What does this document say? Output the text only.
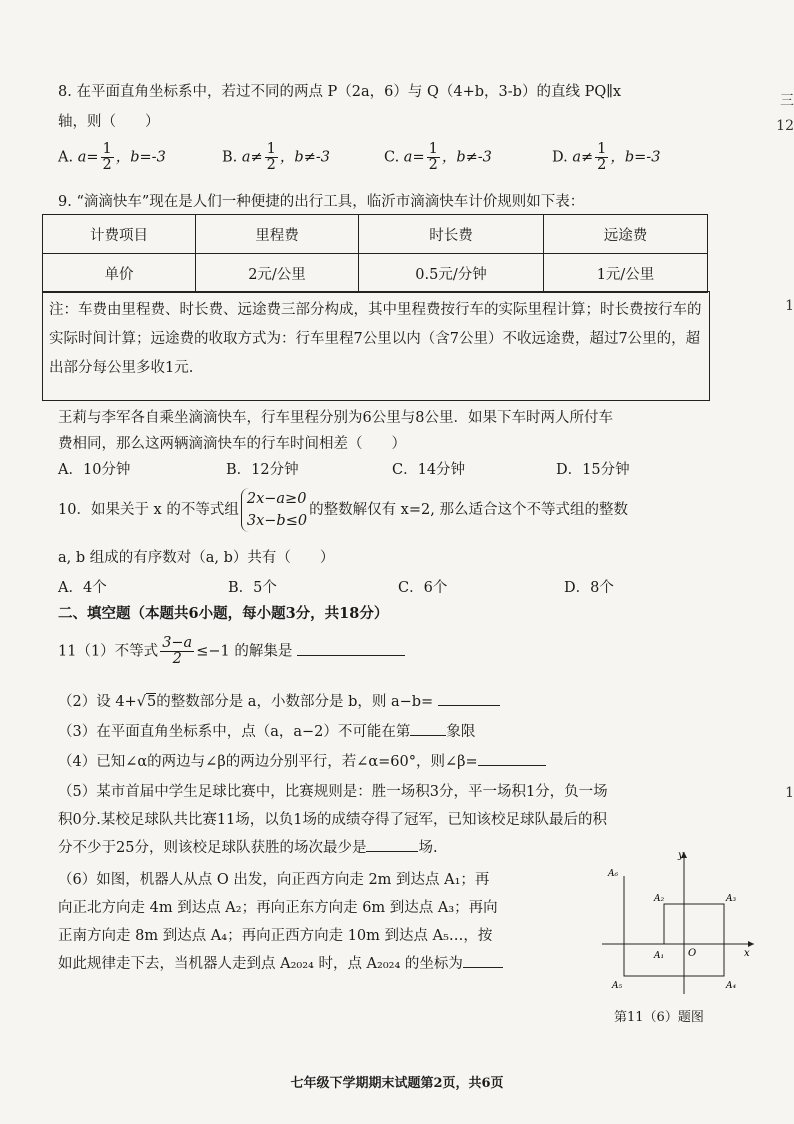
三
12
1
1
8. 在平面直角坐标系中，若过不同的两点 P（2a，6）与 Q（4+b，3-b）的直线 PQ∥x
轴，则（　　）
A. $a= \frac{1}{2}$ ，b=-3	B. $a\ne \frac{1}{2}$ ，b≠-3	C. $a= \frac{1}{2}$ ，b≠-3	D. $a\ne \frac{1}{2}$ ，b=-3
9. “滴滴快车”现在是人们一种便捷的出行工具，临沂市滴滴快车计价规则如下表：
计费项目	里程费	时长费	远途费
单价	2元/公里	0.5元/分钟	1元/公里
注：车费由里程费、时长费、远途费三部分构成，其中里程费按行车的实际里程计算；时长费按行车的实际时间计算；远途费的收取方式为：行车里程7公里以内（含7公里）不收远途费，超过7公里的，超出部分每公里多收1元.
王莉与李军各自乘坐滴滴快车，行车里程分别为6公里与8公里．如果下车时两人所付车
费相同，那么这两辆滴滴快车的行车时间相差（　　）
A．10分钟	B．12分钟	C．14分钟	D．15分钟
10．如果关于 x 的不等式组
2x−a≥0
3x−b≤0
的整数解仅有 x=2, 那么适合这个不等式组的整数
a, b 组成的有序数对（a, b）共有（　　）
A．4个	B．5个	C．6个	D．8个
二、填空题（本题共6小题，每小题3分，共18分）
11（1）不等式 $\frac{3-a}{2} \le-1$ 的解集是
（2）设 4+√5的整数部分是 a，小数部分是 b，则 a−b=
（3）在平面直角坐标系中，点（a，a−2）不可能在第 象限
（4）已知∠α的两边与∠β的两边分别平行，若∠α=60°，则∠β=
（5）某市首届中学生足球比赛中，比赛规则是：胜一场积3分，平一场积1分，负一场
积0分.某校足球队共比赛11场，以负1场的成绩夺得了冠军，已知该校足球队最后的积
分不少于25分，则该校足球队获胜的场次最少是	场.
（6）如图，机器人从点 O 出发，向正西方向走 2m 到达点 A₁；再
向正北方向走 4m 到达点 A₂；再向正东方向走 6m 到达点 A₃；再向
正南方向走 8m 到达点 A₄；再向正西方向走 10m 到达点 A₅…，按
如此规律走下去，当机器人走到点 A₂₀₂₄ 时，点 A₂₀₂₄ 的坐标为
y
x
O
A₁
A₂	A₃
A₄
A₅
A₆
第11（6）题图
七年级下学期期末试题第2页，共6页
